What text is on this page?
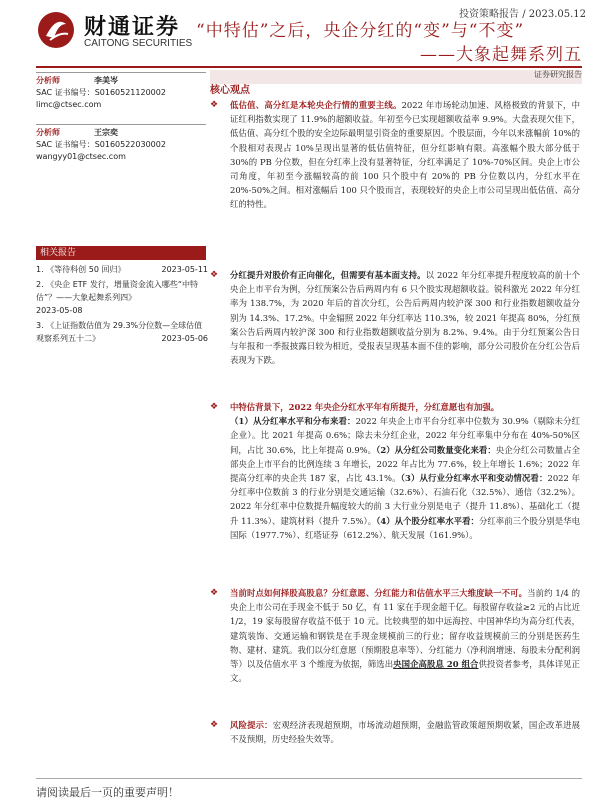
财通证券
CAITONG SECURITIES
投资策略报告 / 2023.05.12
“中特估”之后，央企分红的“变”与“不变”
——大象起舞系列五
分析师	李美岑
SAC 证书编号：S0160521120002
limc@ctsec.com
分析师	王宗奕
SAC 证书编号：S0160522030002
wangyy01@ctsec.com
相关报告
1. 《等待科创 50 回归》	2023-05-11
2. 《央企 ETF 发行，增量资金流入哪些“中特估”？——大象起舞系列四》
2023-05-08
3. 《上证指数估值为 29.3%分位数—全球估值观察系列五十二》	2023-05-06
核心观点
证券研究报告
❖ 低估值、高分红是本轮央企行情的重要主线。2022 年市场轮动加速、风格极致的背景下，中证红利指数实现了 11.9%的超额收益。年初至今已实现超额收益率 9.9%。大盘表现欠佳下，低估值、高分红个股的安全边际最明显引资金的重要原因。个股层面，今年以来涨幅前 10%的个股相对表现占 10%呈现出显著的低估值特征，但分红影响有限。高涨幅个股大部分低于 30%的 PB 分位数，但在分红率上没有显著特征，分红率满足了 10%-70%区间。央企上市公司角度，年初至今涨幅较高的前 100 只个股中有 20%的 PB 分位数以内，分红水平在 20%-50%之间。相对涨幅后 100 只个股而言，表现较好的央企上市公司呈现出低估值、高分红的特性。
❖ 分红提升对股价有正向催化，但需要有基本面支持。以 2022 年分红率提升程度较高的前十个央企上市平台为例，分红预案公告后两周内有 6 只个股实现超额收益。锐科激光 2022 年分红率为 138.7%，为 2020 年后的首次分红，公告后两周内较沪深 300 和行业指数超额收益分别为 14.3%、17.2%。中金辐照 2022 年分红率达 110.3%，较 2021 年提高 80%，分红预案公告后两周内较沪深 300 和行业指数超额收益分别为 8.2%、9.4%。由于分红预案公告日与年报和一季报披露日较为相近，受报表呈现基本面不佳的影响，部分公司股价在分红公告后表现为下跌。
❖ 中特估背景下，2022 年央企分红水平年有所提升，分红意愿也有加强。
（1）从分红率水平和分布来看：2022 年央企上市平台分红率中位数为 30.9%（剔除未分红企业）。比 2021 年提高 0.6%；除去未分红企业，2022 年分红率集中分布在 40%-50%区间，占比 30.6%，比上年提高 0.9%。（2）从分红公司数量变化来看：央企分红公司数量占全部央企上市平台的比例连续 3 年增长，2022 年占比为 77.6%，较上年增长 1.6%；2022 年提高分红率的央企共 187 家，占比 43.1%。（3）从行业分红率水平和变动情况看：2022 年分红率中位数前 3 的行业分别是交通运输（32.6%）、石油石化（32.5%）、通信（32.2%）。2022 年分红率中位数提升幅度较大的前 3 大行业分别是电子（提升 11.8%）、基础化工（提升 11.3%）、建筑材料（提升 7.5%）。（4）从个股分红率水平看：分红率前三个股分别是华电国际（1977.7%）、红塔证券（612.2%）、航天发展（161.9%）。
❖ 当前时点如何择股高股息？分红意愿、分红能力和估值水平三大维度缺一不可。当前约 1/4 的央企上市公司在手现金不低于 50 亿，有 11 家在手现金超千亿。每股留存收益≥2 元的占比近 1/2，19 家每股留存收益不低于 10 元。比较典型的如中远海控、中国神华均为高分红代表，建筑装饰、交通运输和钢铁是在手现金规模前三的行业；留存收益规模前三的分别是医药生物、建材、建筑。我们以分红意愿（预期股息率等）、分红能力（净利润增速、每股未分配利润等）以及估值水平 3 个维度为依据，筛选出央国企高股息 20 组合供投资者参考，具体详见正文。
❖ 风险提示：宏观经济表现超预期，市场流动超预期，金融监管政策超预期收紧，国企改革进展不及预期，历史经验失效等。
请阅读最后一页的重要声明！
